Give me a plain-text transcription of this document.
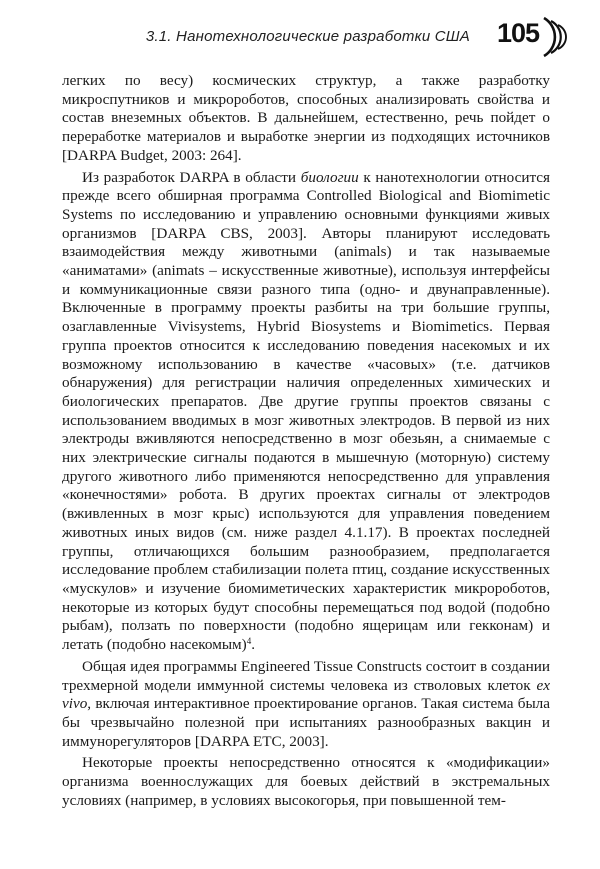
3.1. Нанотехнологические разработки США 105

легких по весу) космических структур, а также разработку микроспутников и микророботов, способных анализировать свойства и состав внеземных объектов. В дальнейшем, естественно, речь пойдет о переработке материалов и выработке энергии из подходящих источников [DARPA Budget, 2003: 264].

Из разработок DARPA в области биологии к нанотехнологии относится прежде всего обширная программа Controlled Biological and Biomimetic Systems по исследованию и управлению основными функциями живых организмов [DARPA CBS, 2003]. Авторы планируют исследовать взаимодействия между животными (animals) и так называемые «аниматами» (animats – искусственные животные), используя интерфейсы и коммуникационные связи разного типа (одно- и двунаправленные). Включенные в программу проекты разбиты на три большие группы, озаглавленные Vivisystems, Hybrid Biosystems и Biomimetics. Первая группа проектов относится к исследованию поведения насекомых и их возможному использованию в качестве «часовых» (т.е. датчиков обнаружения) для регистрации наличия определенных химических и биологических препаратов. Две другие группы проектов связаны с использованием вводимых в мозг животных электродов. В первой из них электроды вживляются непосредственно в мозг обезьян, а снимаемые с них электрические сигналы подаются в мышечную (моторную) систему другого животного либо применяются непосредственно для управления «конечностями» робота. В других проектах сигналы от электродов (вживленных в мозг крыс) используются для управления поведением животных иных видов (см. ниже раздел 4.1.17). В проектах последней группы, отличающихся большим разнообразием, предполагается исследование проблем стабилизации полета птиц, создание искусственных «мускулов» и изучение биомиметических характеристик микророботов, некоторые из которых будут способны перемещаться под водой (подобно рыбам), ползать по поверхности (подобно ящерицам или гекконам) и летать (подобно насекомым)$^4$.

Общая идея программы Engineered Tissue Constructs состоит в создании трехмерной модели иммунной системы человека из стволовых клеток ex vivo, включая интерактивное проектирование органов. Такая система была бы чрезвычайно полезной при испытаниях разнообразных вакцин и иммунорегуляторов [DARPA ETC, 2003].

Некоторые проекты непосредственно относятся к «модификации» организма военнослужащих для боевых действий в экстремальных условиях (например, в условиях высокогорья, при повышенной тем-
